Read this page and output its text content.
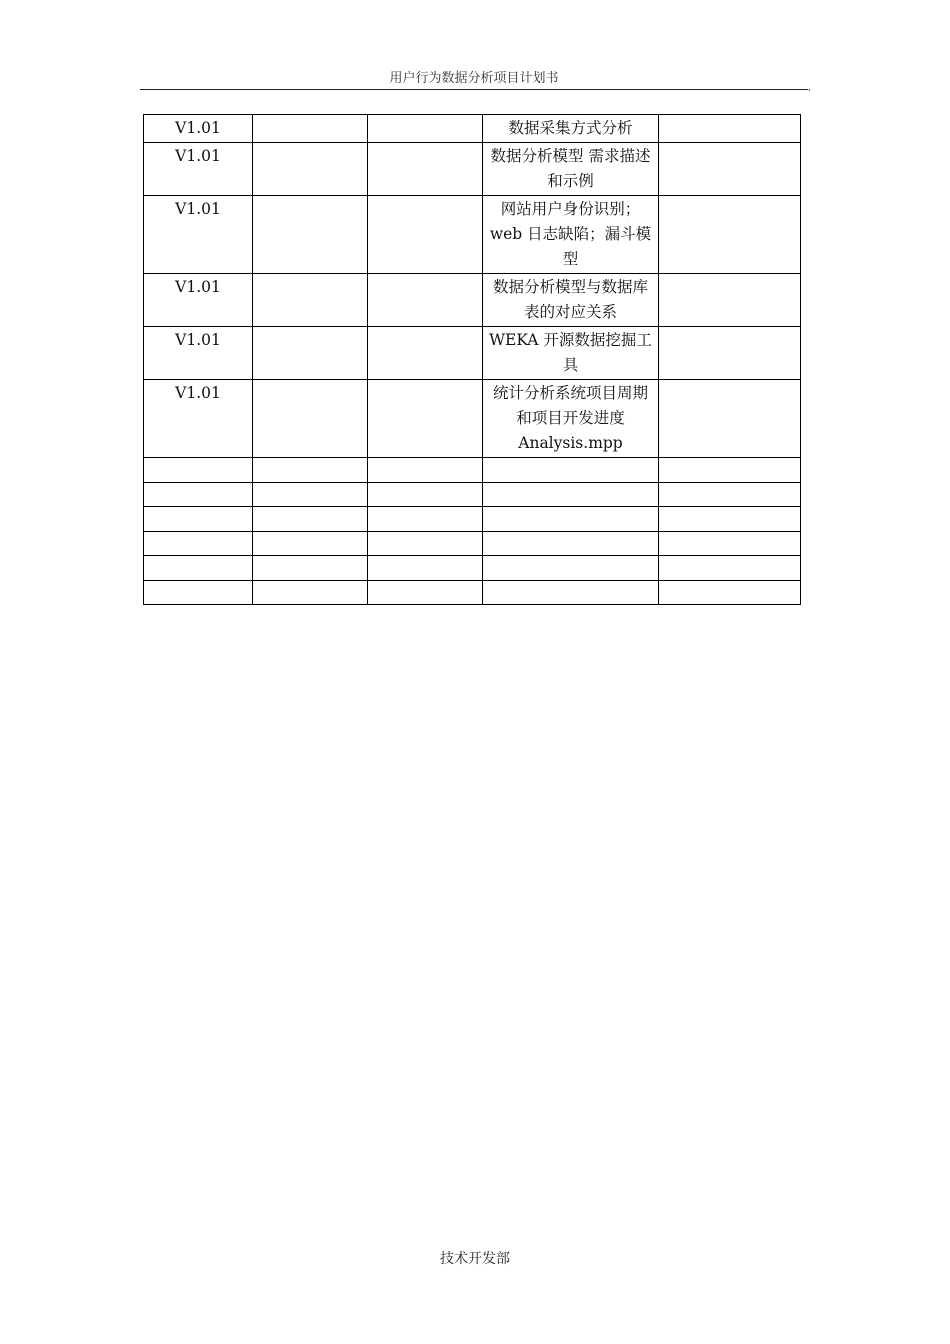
用户行为数据分析项目计划书
,
V1.01			数据采集方式分析	
V1.01			数据分析模型 需求描述和示例	
V1.01			网站用户身份识别；web 日志缺陷；漏斗模型	
V1.01			数据分析模型与数据库表的对应关系	
V1.01			WEKA 开源数据挖掘工具	
V1.01			统计分析系统项目周期和项目开发进度Analysis.mpp	

技术开发部
